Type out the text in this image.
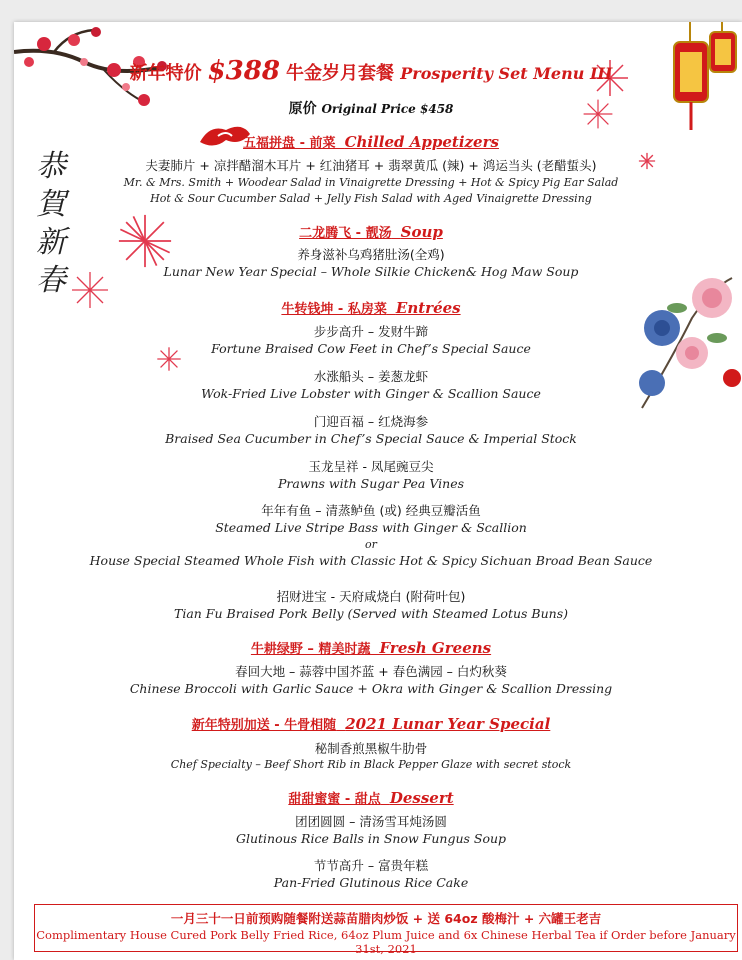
恭
賀
新
春
新年特价 $388 牛金岁月套餐 Prosperity Set Menu III
原价 Original Price $458
五福拼盘 - 前菜 Chilled Appetizers
夫妻肺片 + 凉拌醋溜木耳片 + 红油猪耳 + 翡翠黄瓜 (辣) + 鸿运当头 (老醋蜇头)
Mr. & Mrs. Smith + Woodear Salad in Vinaigrette Dressing + Hot & Spicy Pig Ear Salad
Hot & Sour Cucumber Salad + Jelly Fish Salad with Aged Vinaigrette Dressing
二龙腾飞 - 靓汤 Soup
养身滋补乌鸡猪肚汤(全鸡)
Lunar New Year Special – Whole Silkie Chicken& Hog Maw Soup
牛转钱坤 - 私房菜 Entrées
步步高升 – 发财牛蹄
Fortune Braised Cow Feet in Chef’s Special Sauce
水涨船头 – 姜葱龙虾
Wok-Fried Live Lobster with Ginger & Scallion Sauce
门迎百福 – 红烧海参
Braised Sea Cucumber in Chef’s Special Sauce & Imperial Stock
玉龙呈祥 - 凤尾豌豆尖
Prawns with Sugar Pea Vines
年年有鱼 – 清蒸鲈鱼 (或) 经典豆瓣活鱼
Steamed Live Stripe Bass with Ginger & Scallion
or
House Special Steamed Whole Fish with Classic Hot & Spicy Sichuan Broad Bean Sauce
招财进宝 - 天府咸烧白 (附荷叶包)
Tian Fu Braised Pork Belly (Served with Steamed Lotus Buns)
牛耕绿野 – 精美时蔬 Fresh Greens
春回大地 – 蒜蓉中国芥蓝 + 春色满园 – 白灼秋葵
Chinese Broccoli with Garlic Sauce + Okra with Ginger & Scallion Dressing
新年特别加送 - 牛骨相随 2021 Lunar Year Special
秘制香煎黑椒牛肋骨
Chef Specialty – Beef Short Rib in Black Pepper Glaze with secret stock
甜甜蜜蜜 - 甜点 Dessert
团团圆圆 – 清汤雪耳炖汤圆
Glutinous Rice Balls in Snow Fungus Soup
节节高升 – 富贵年糕
Pan-Fried Glutinous Rice Cake
一月三十一日前预购随餐附送蒜苗腊肉炒饭 + 送 64oz 酸梅汁 + 六罐王老吉
Complimentary House Cured Pork Belly Fried Rice, 64oz Plum Juice and 6x Chinese Herbal Tea if Order before January 31st, 2021
